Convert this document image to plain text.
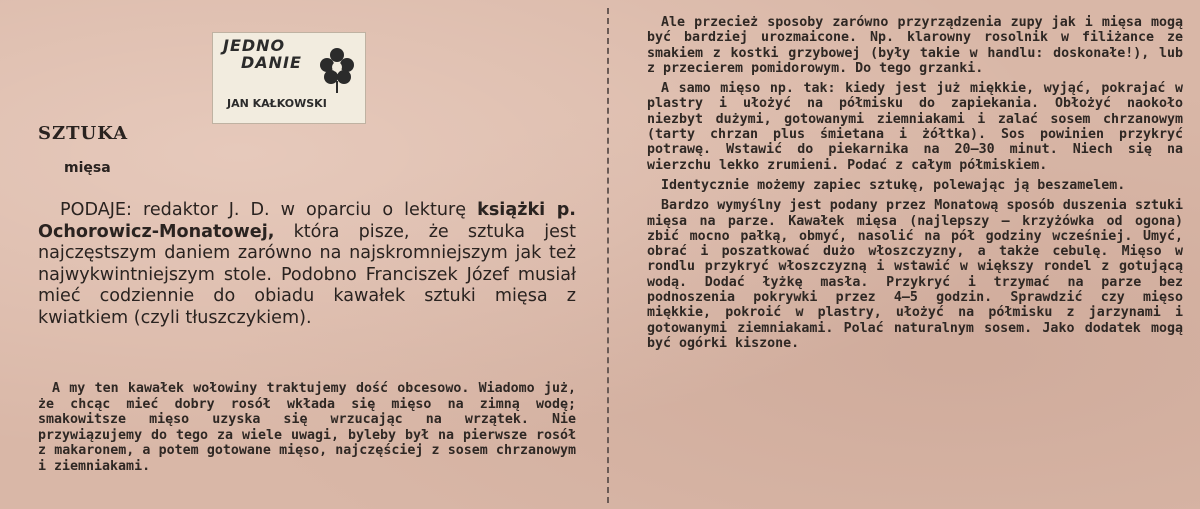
JEDNO
DANIE
JAN KAŁKOWSKI
SZTUKA
mięsa
PODAJE: redaktor J. D. w oparciu o lekturę książki p. Ochorowicz-Monatowej, która pisze, że sztuka jest najczęstszym daniem zarówno na najskromniejszym jak też najwykwintniejszym stole. Podobno Franciszek Józef musiał mieć codziennie do obiadu kawałek sztuki mięsa z kwiatkiem (czyli tłuszczykiem).

A my ten kawałek wołowiny traktujemy dość obcesowo. Wiadomo już, że chcąc mieć dobry rosół wkłada się mięso na zimną wodę; smakowitsze mięso uzyska się wrzucając na wrzątek. Nie przywiązujemy do tego za wiele uwagi, byleby był na pierwsze rosół z makaronem, a potem gotowane mięso, najczęściej z sosem chrzanowym i ziemniakami.

Ale przecież sposoby zarówno przyrządzenia zupy jak i mięsa mogą być bardziej urozmaicone. Np. klarowny rosolnik w filiżance ze smakiem z kostki grzybowej (były takie w handlu: doskonałe!), lub z przecierem pomidorowym. Do tego grzanki.

A samo mięso np. tak: kiedy jest już miękkie, wyjąć, pokrajać w plastry i ułożyć na półmisku do zapiekania. Obłożyć naokoło niezbyt dużymi, gotowanymi ziemniakami i zalać sosem chrzanowym (tarty chrzan plus śmietana i żółtka). Sos powinien przykryć potrawę. Wstawić do piekarnika na 20—30 minut. Niech się na wierzchu lekko zrumieni. Podać z całym półmiskiem.

Identycznie możemy zapiec sztukę, polewając ją beszamelem.

Bardzo wymyślny jest podany przez Monatową sposób duszenia sztuki mięsa na parze. Kawałek mięsa (najlepszy — krzyżówka od ogona) zbić mocno pałką, obmyć, nasolić na pół godziny wcześniej. Umyć, obrać i poszatkować dużo włoszczyzny, a także cebulę. Mięso w rondlu przykryć włoszczyzną i wstawić w większy rondel z gotującą wodą. Dodać łyżkę masła. Przykryć i trzymać na parze bez podnoszenia pokrywki przez 4—5 godzin. Sprawdzić czy mięso miękkie, pokroić w plastry, ułożyć na półmisku z jarzynami i gotowanymi ziemniakami. Polać naturalnym sosem. Jako dodatek mogą być ogórki kiszone.
